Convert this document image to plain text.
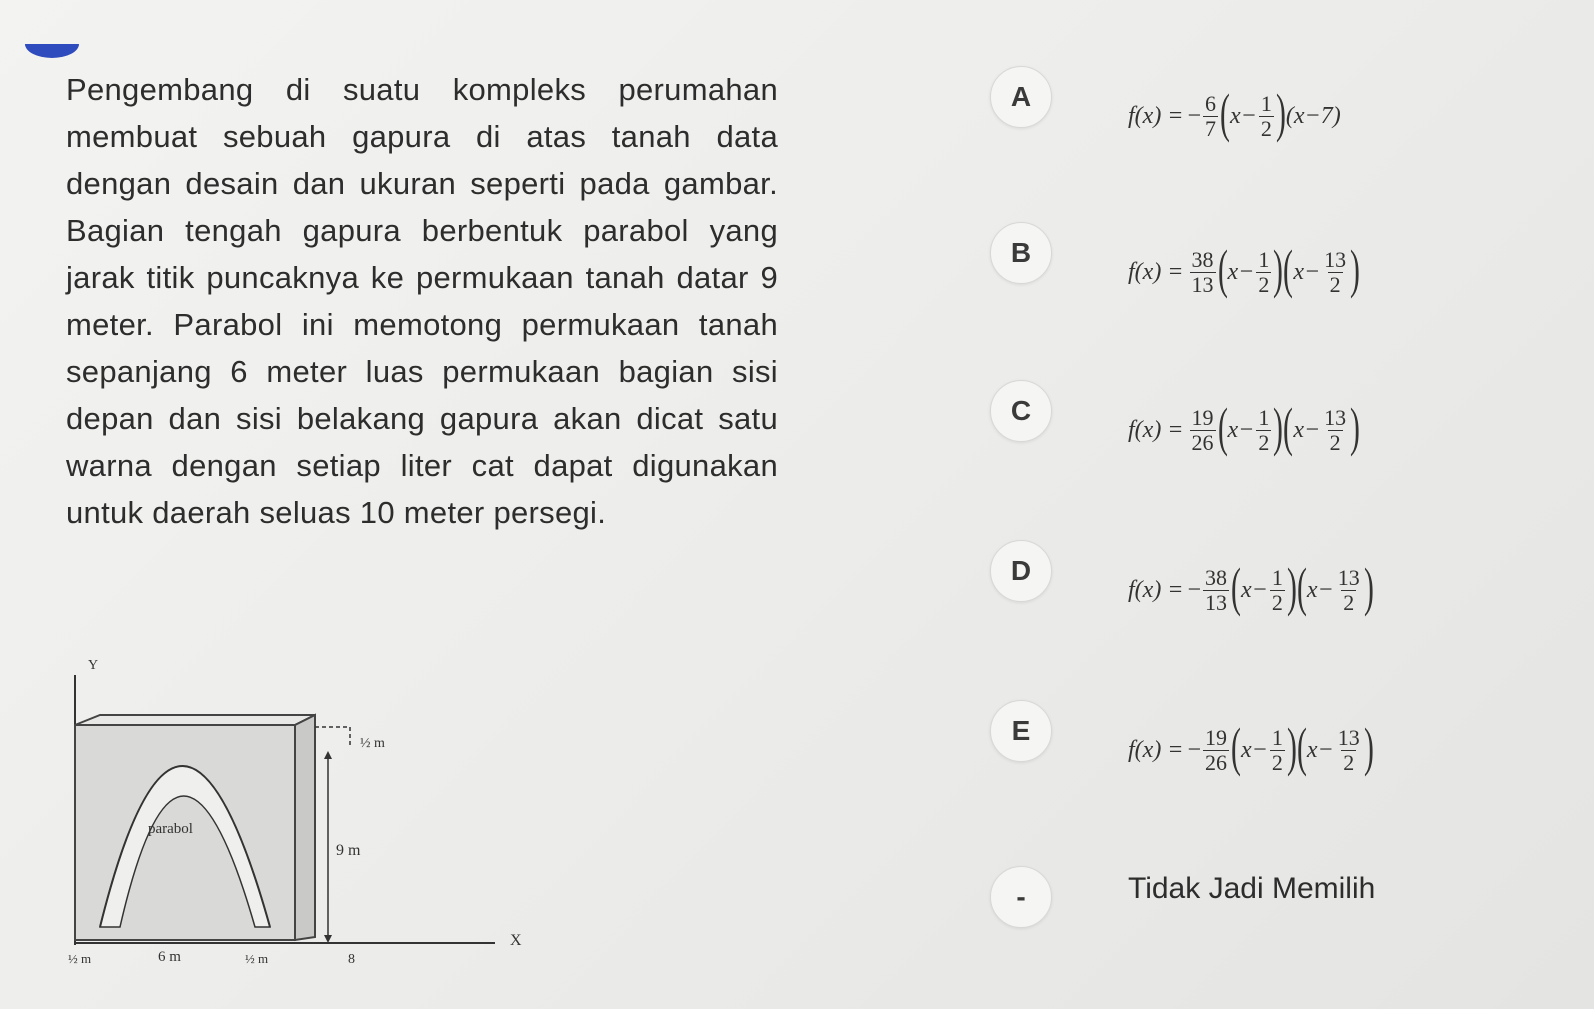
Pengembang di suatu kompleks perumahan membuat sebuah gapura di atas tanah data dengan desain dan ukuran seperti pada gambar. Bagian tengah gapura berbentuk parabol yang jarak titik puncaknya ke permukaan tanah datar 9 meter. Parabol ini memotong permukaan tanah sepanjang 6 meter luas permukaan bagian sisi depan dan sisi belakang gapura akan dicat satu warna dengan setiap liter cat dapat digunakan untuk daerah seluas 10 meter persegi.
Y
X
parabol
½ m
9 m
½ m	6 m	½ m	8
A
f(x) = − $\frac{6}{7}$ ( $x- \frac{1}{2}$ ) (x−7)
B
$f(x) = \frac{38}{13}$ ( $x- \frac{1}{2}$ ) ( $x- \frac{13}{2}$ )
C
$f(x) = \frac{19}{26}$ ( $x- \frac{1}{2}$ ) ( $x- \frac{13}{2}$ )
D
f(x) = − $\frac{38}{13}$ ( $x- \frac{1}{2}$ ) ( $x- \frac{13}{2}$ )
E
f(x) = − $\frac{19}{26}$ ( $x- \frac{1}{2}$ ) ( $x- \frac{13}{2}$ )
-	Tidak Jadi Memilih
